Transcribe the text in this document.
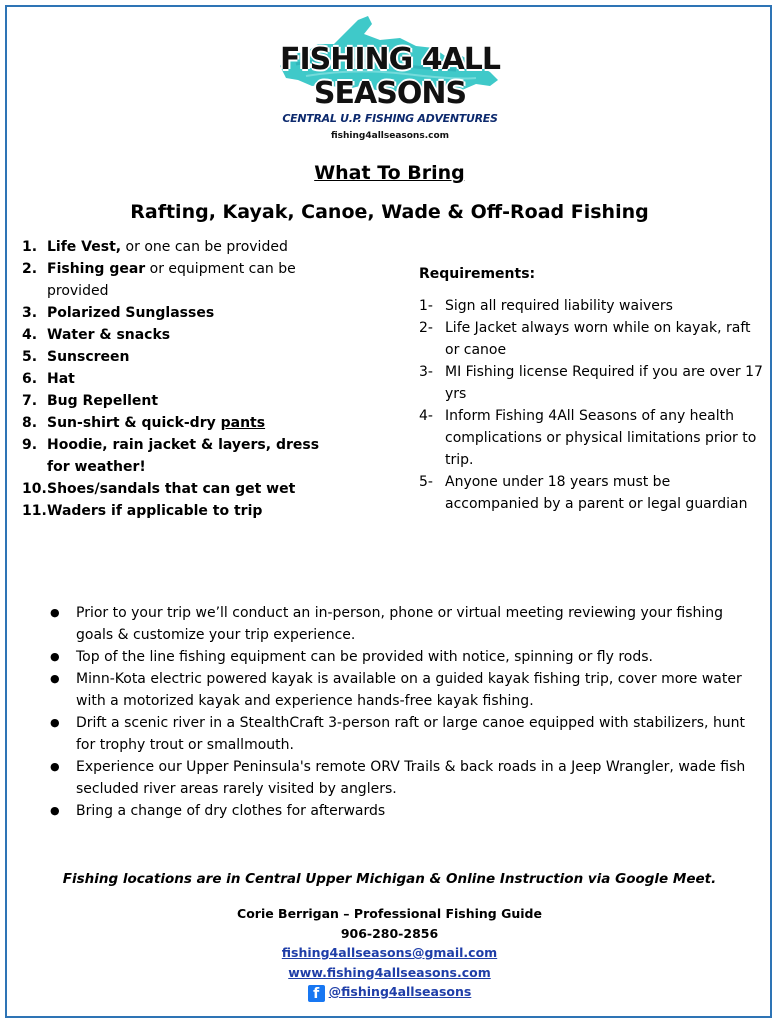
FISHING 4ALL
SEASONS
CENTRAL U.P. FISHING ADVENTURES
fishing4allseasons.com
What To Bring
Rafting, Kayak, Canoe, Wade & Off-Road Fishing
1. Life Vest, or one can be provided
2. Fishing gear or equipment can be provided
3. Polarized Sunglasses
4. Water & snacks
5. Sunscreen
6. Hat
7. Bug Repellent
8. Sun-shirt & quick-dry pants
9. Hoodie, rain jacket & layers, dress for weather!
10. Shoes/sandals that can get wet
11. Waders if applicable to trip
Requirements:
1- Sign all required liability waivers
2- Life Jacket always worn while on kayak, raft or canoe
3- MI Fishing license Required if you are over 17 yrs
4- Inform Fishing 4All Seasons of any health complications or physical limitations prior to trip.
5- Anyone under 18 years must be accompanied by a parent or legal guardian
●	Prior to your trip we’ll conduct an in-person, phone or virtual meeting reviewing your fishing goals & customize your trip experience.
●	Top of the line fishing equipment can be provided with notice, spinning or fly rods.
●	Minn-Kota electric powered kayak is available on a guided kayak fishing trip, cover more water with a motorized kayak and experience hands-free kayak fishing.
●	Drift a scenic river in a StealthCraft 3-person raft or large canoe equipped with stabilizers, hunt for trophy trout or smallmouth.
●	Experience our Upper Peninsula's remote ORV Trails & back roads in a Jeep Wrangler, wade fish secluded river areas rarely visited by anglers.
●	Bring a change of dry clothes for afterwards
Fishing locations are in Central Upper Michigan & Online Instruction via Google Meet.
Corie Berrigan – Professional Fishing Guide
906-280-2856
fishing4allseasons@gmail.com
www.fishing4allseasons.com
f @fishing4allseasons
